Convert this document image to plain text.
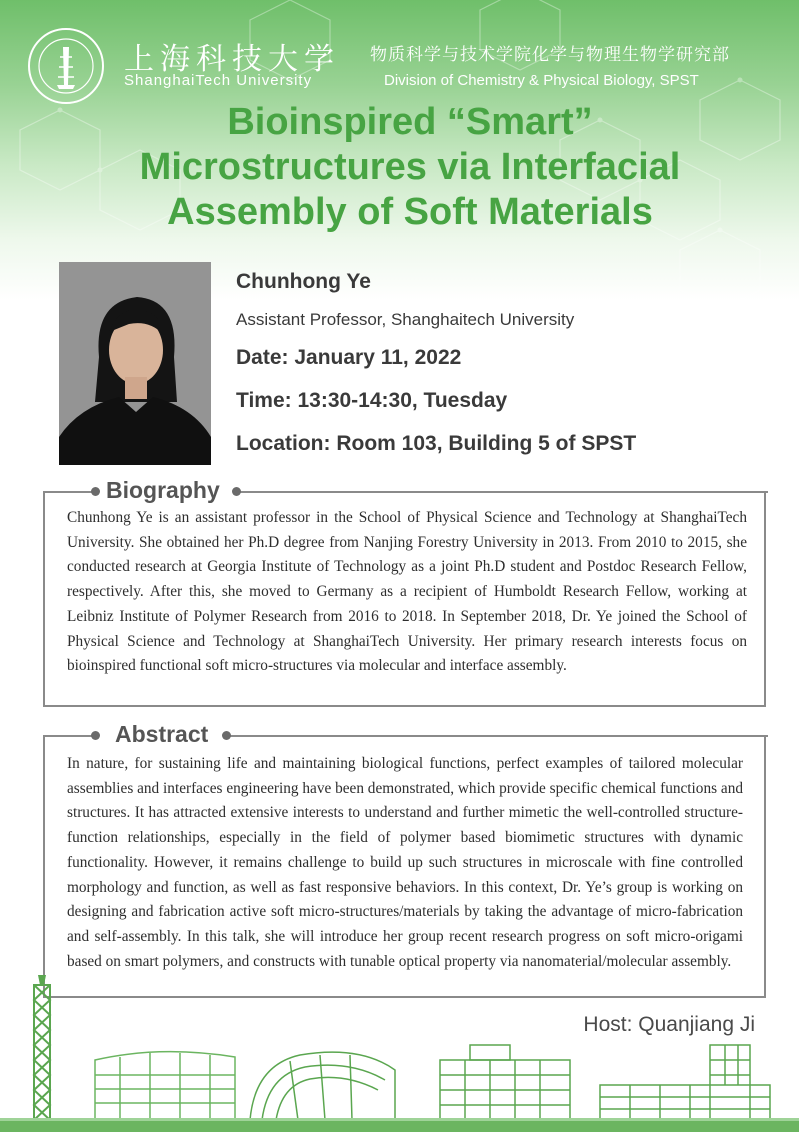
上海科技大学
ShanghaiTech University
物质科学与技术学院化学与物理生物学研究部
Division of Chemistry & Physical Biology, SPST
Bioinspired “Smart”
Microstructures via Interfacial
Assembly of Soft Materials
Chunhong Ye
Assistant Professor, Shanghaitech University
Date: January 11, 2022
Time: 13:30-14:30, Tuesday
Location: Room 103, Building 5 of SPST
Biography
Chunhong Ye is an assistant professor in the School of Physical Science and Technology at ShanghaiTech University. She obtained her Ph.D degree from Nanjing Forestry University in 2013. From 2010 to 2015, she conducted research at Georgia Institute of Technology as a joint Ph.D student and Postdoc Research Fellow, respectively. After this, she moved to Germany as a recipient of Humboldt Research Fellow, working at Leibniz Institute of Polymer Research from 2016 to 2018. In September 2018, Dr. Ye joined the School of Physical Science and Technology at ShanghaiTech University. Her primary research interests focus on bioinspired functional soft micro-structures via molecular and interface assembly.
Abstract
In nature, for sustaining life and maintaining biological functions, perfect examples of tailored molecular assemblies and interfaces engineering have been demonstrated, which provide specific chemical functions and structures. It has attracted extensive interests to understand and further mimetic the well-controlled structure-function relationships, especially in the field of polymer based biomimetic structures with dynamic functionality. However, it remains challenge to build up such structures in microscale with fine controlled morphology and function, as well as fast responsive behaviors. In this context, Dr. Ye’s group is working on designing and fabrication active soft micro-structures/materials by taking the advantage of micro-fabrication and self-assembly. In this talk, she will introduce her group recent research progress on soft micro-origami based on smart polymers, and constructs with tunable optical property via nanomaterial/molecular assembly.
Host: Quanjiang Ji
